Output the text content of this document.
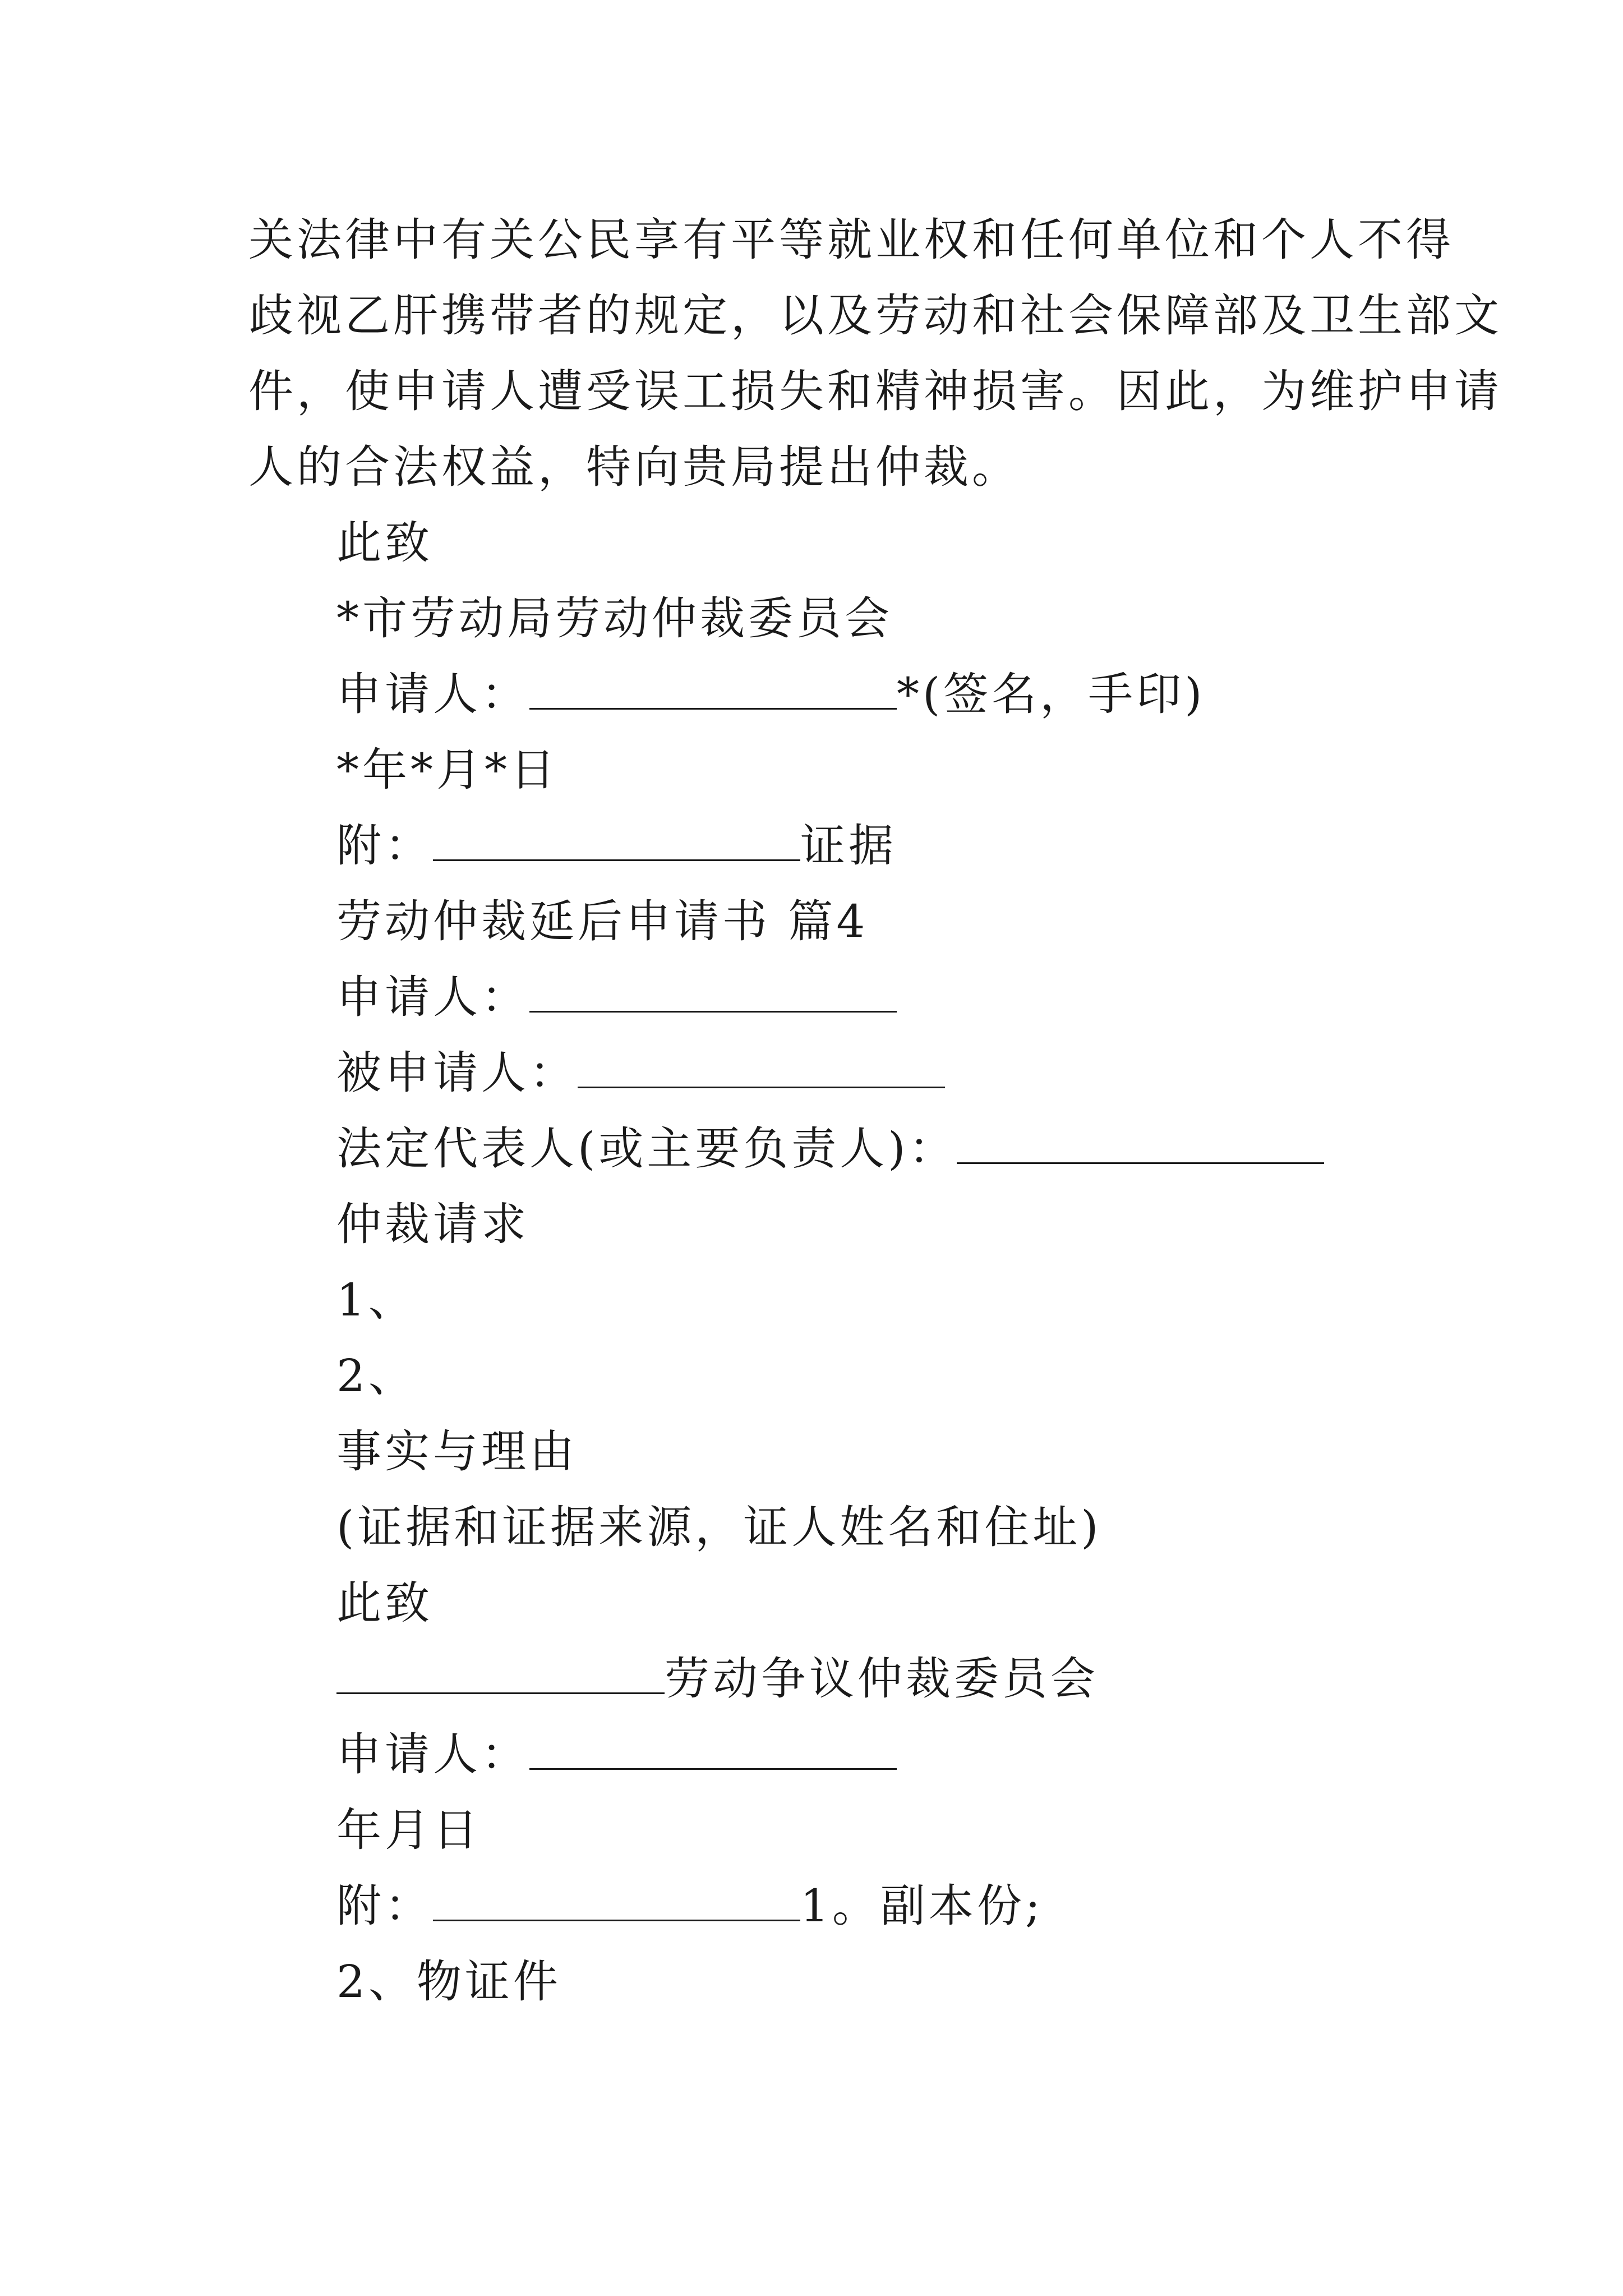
关法律中有关公民享有平等就业权和任何单位和个人不得
歧视乙肝携带者的规定，以及劳动和社会保障部及卫生部文
件，使申请人遭受误工损失和精神损害。因此，为维护申请
人的合法权益，特向贵局提出仲裁。
此致
*市劳动局劳动仲裁委员会
申请人：	*(签名，手印)
*年*月*日
附：	证据
劳动仲裁延后申请书 篇4
申请人：
被申请人：
法定代表人(或主要负责人)：
仲裁请求
1、
2、
事实与理由
(证据和证据来源，证人姓名和住址)
此致
劳动争议仲裁委员会
申请人：
年月日
附：	1。副本份;
2、物证件
